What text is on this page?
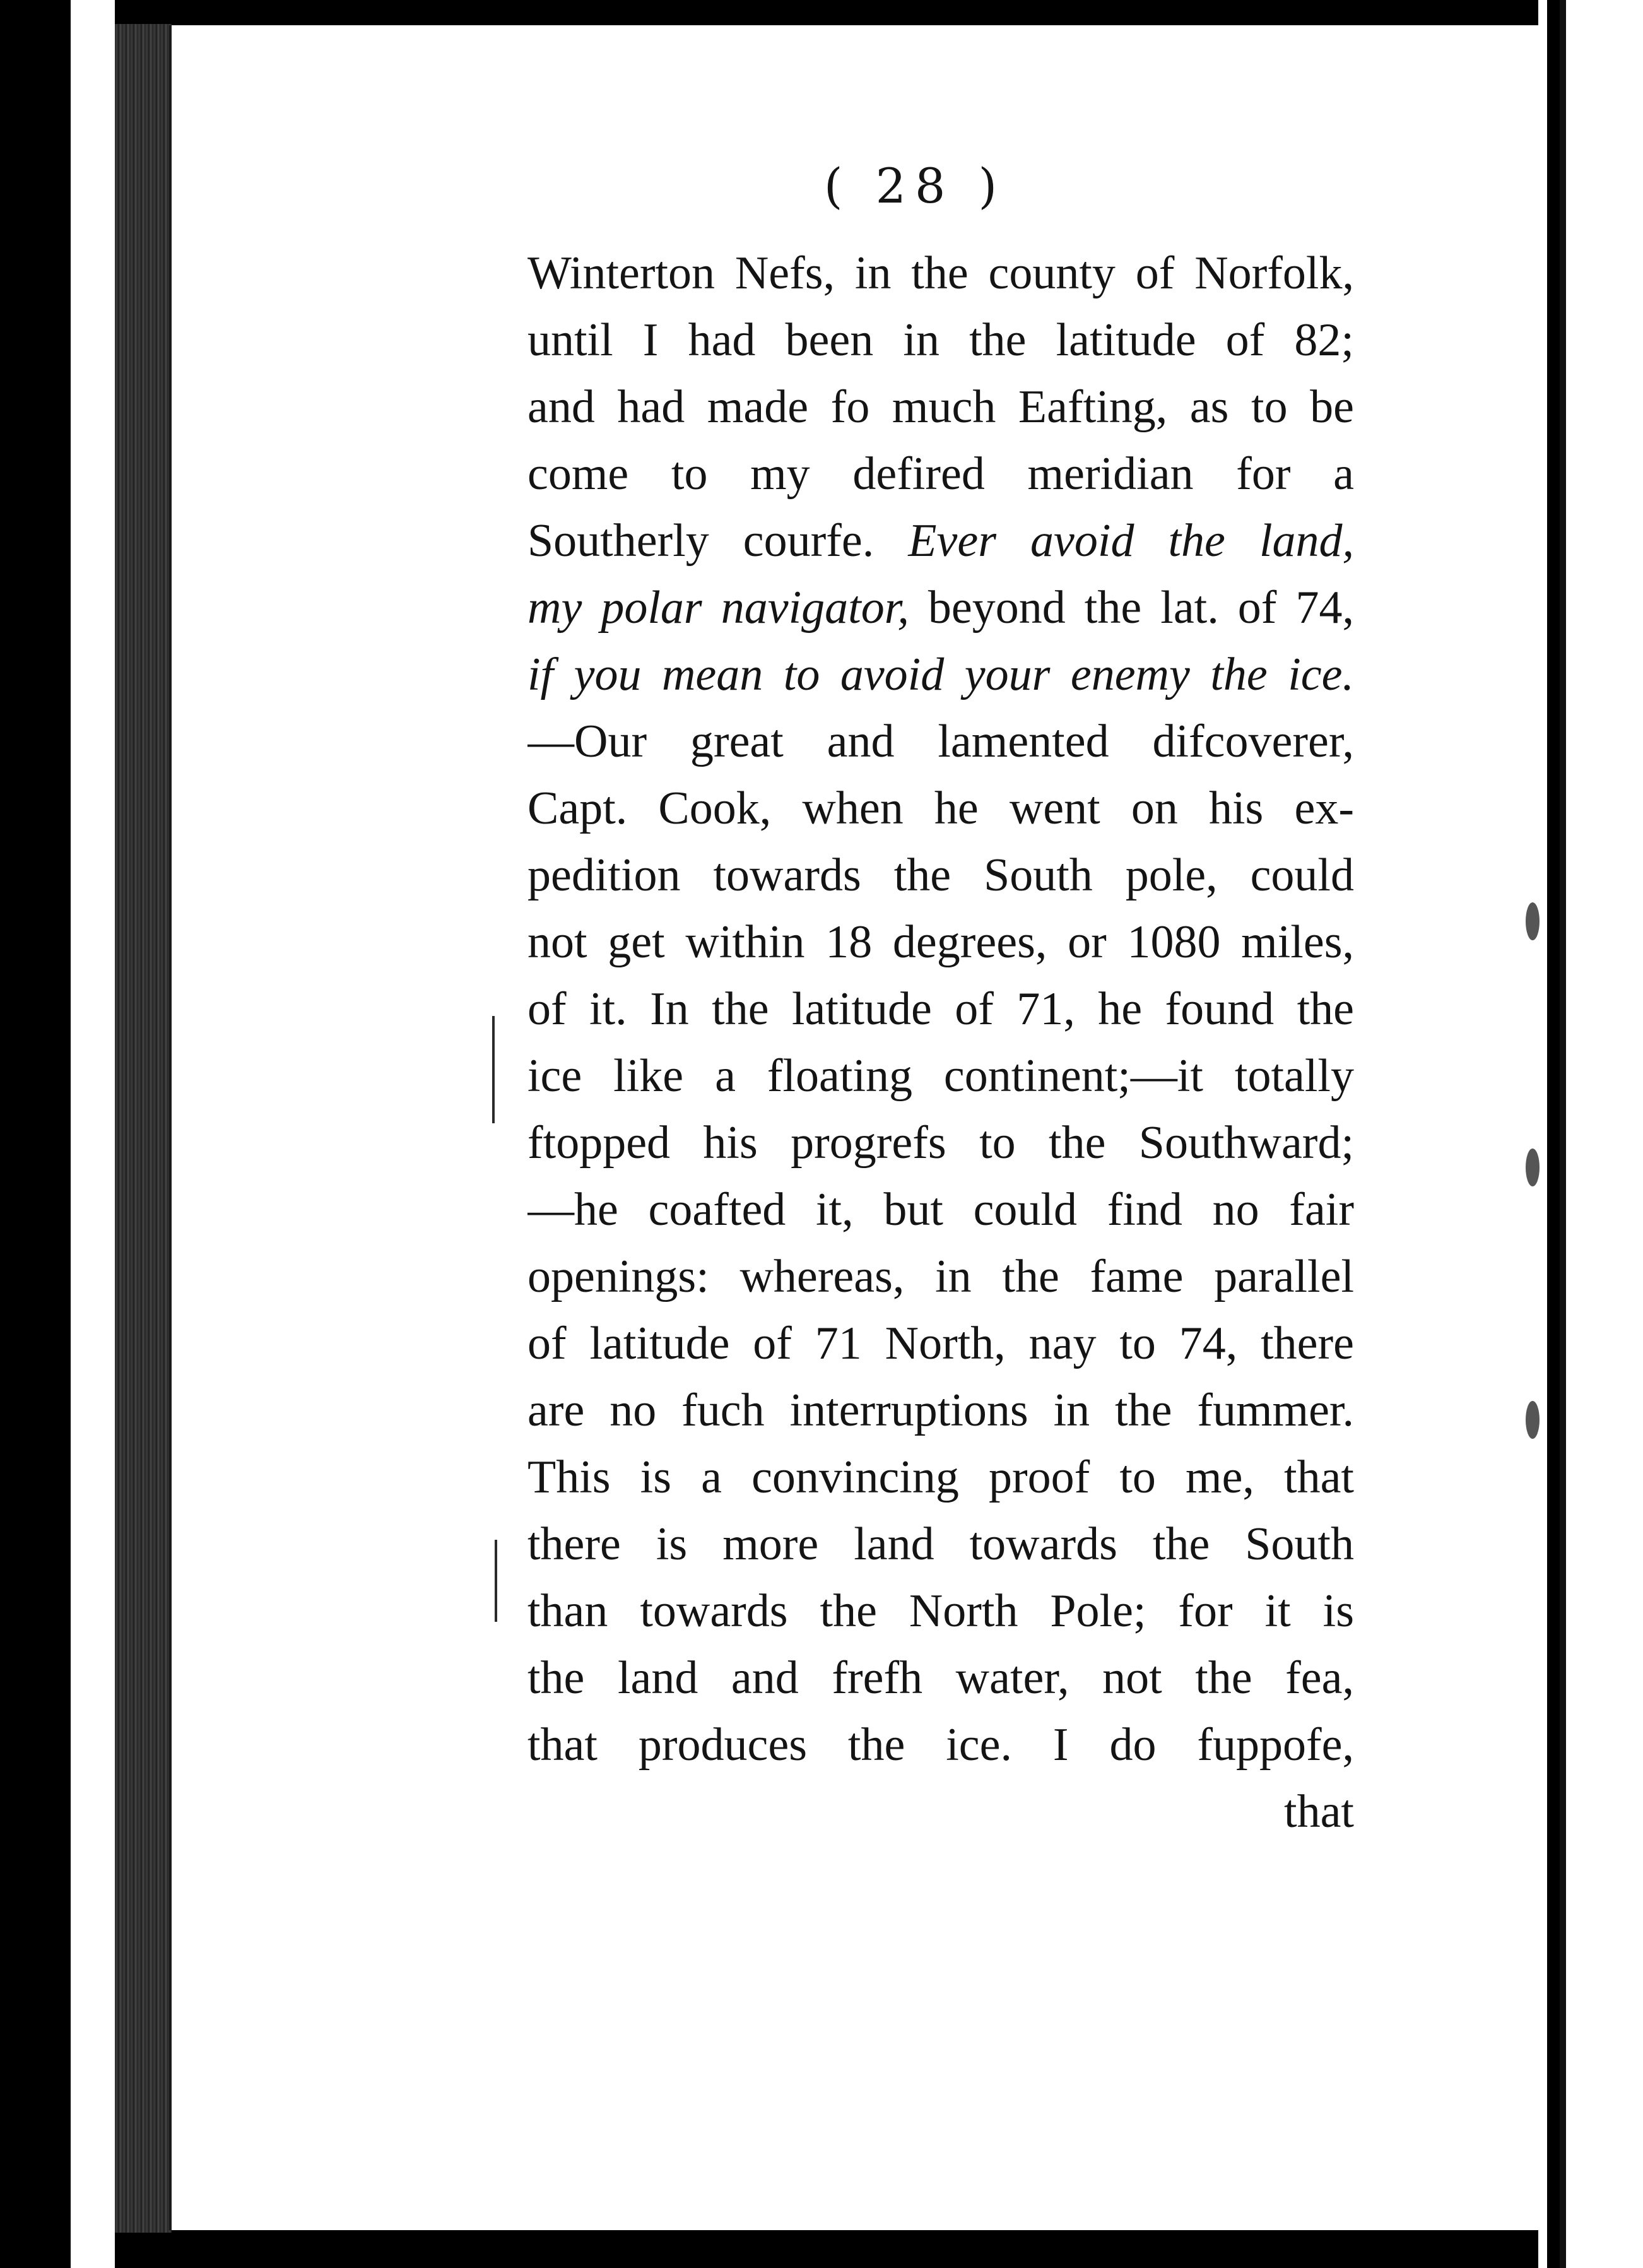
( 28 )
Winterton Nefs, in the county of Norfolk,
until I had been in the latitude of 82;
and had made fo much Eafting, as to be
come to my defired meridian for a
Southerly courfe. Ever avoid the land,
my polar navigator, beyond the lat. of 74,
if you mean to avoid your enemy the ice.
—Our great and lamented difcoverer,
Capt. Cook, when he went on his ex-
pedition towards the South pole, could
not get within 18 degrees, or 1080 miles,
of it. In the latitude of 71, he found the
ice like a floating continent;—it totally
ftopped his progrefs to the Southward;
—he coafted it, but could find no fair
openings: whereas, in the fame parallel
of latitude of 71 North, nay to 74, there
are no fuch interruptions in the fummer.
This is a convincing proof to me, that
there is more land towards the South
than towards the North Pole; for it is
the land and frefh water, not the fea,
that produces the ice. I do fuppofe,
that
